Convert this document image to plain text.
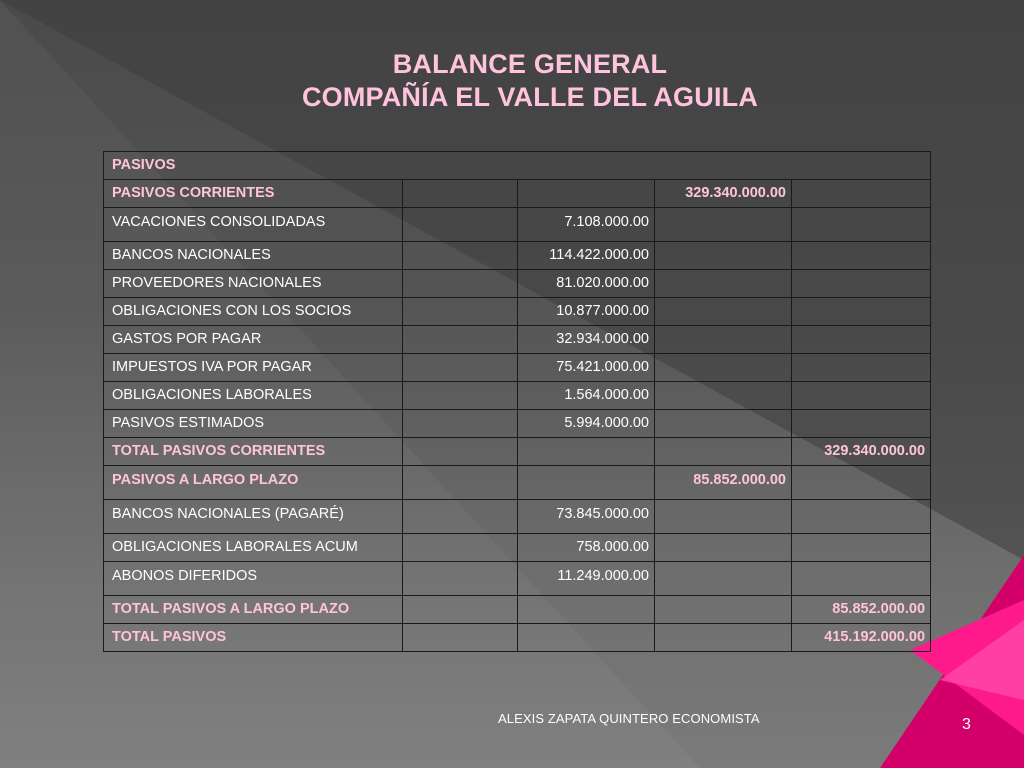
BALANCE GENERAL
COMPAÑÍA EL VALLE DEL AGUILA
PASIVOS				
PASIVOS CORRIENTES			329.340.000.00	
VACACIONES CONSOLIDADAS		7.108.000.00		
BANCOS NACIONALES		114.422.000.00		
PROVEEDORES NACIONALES		81.020.000.00		
OBLIGACIONES CON LOS SOCIOS		10.877.000.00		
GASTOS POR PAGAR		32.934.000.00		
IMPUESTOS IVA POR PAGAR		75.421.000.00		
OBLIGACIONES LABORALES		1.564.000.00		
PASIVOS ESTIMADOS		5.994.000.00		
TOTAL PASIVOS CORRIENTES				329.340.000.00
PASIVOS A LARGO PLAZO			85.852.000.00	
BANCOS NACIONALES (PAGARÉ)		73.845.000.00		
OBLIGACIONES LABORALES ACUM		758.000.00		
ABONOS DIFERIDOS		11.249.000.00		
TOTAL PASIVOS A LARGO PLAZO				85.852.000.00
TOTAL PASIVOS				415.192.000.00
ALEXIS ZAPATA QUINTERO ECONOMISTA	3
